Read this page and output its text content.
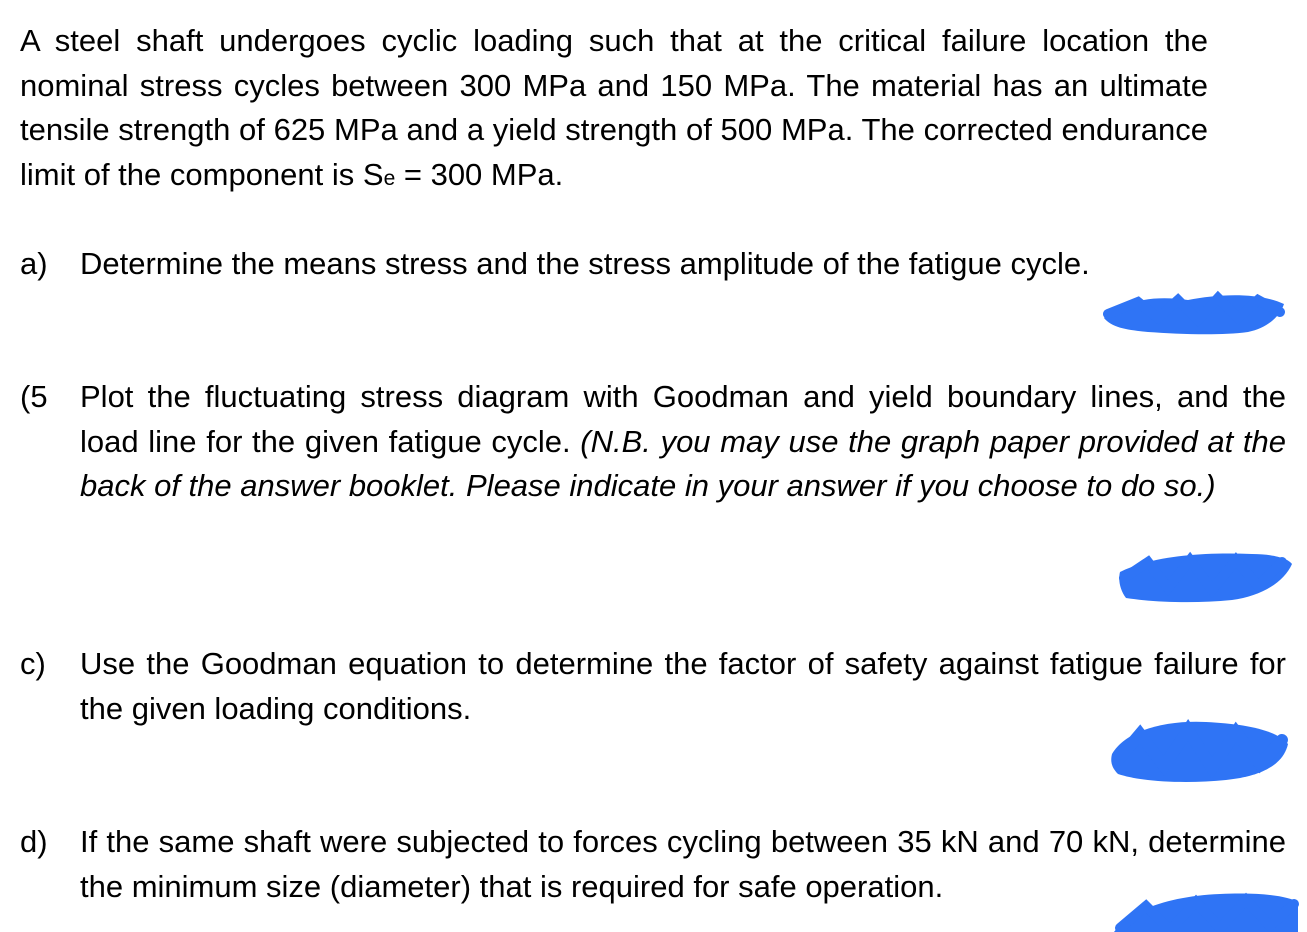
A steel shaft undergoes cyclic loading such that at the critical failure location the nominal stress cycles between 300 MPa and 150 MPa. The material has an ultimate tensile strength of 625 MPa and a yield strength of 500 MPa. The corrected endurance limit of the component is Se = 300 MPa.
a) Determine the means stress and the stress amplitude of the fatigue cycle.
(5 Plot the fluctuating stress diagram with Goodman and yield boundary lines, and the load line for the given fatigue cycle. (N.B. you may use the graph paper provided at the back of the answer booklet. Please indicate in your answer if you choose to do so.)
c) Use the Goodman equation to determine the factor of safety against fatigue failure for the given loading conditions.
d) If the same shaft were subjected to forces cycling between 35 kN and 70 kN, determine the minimum size (diameter) that is required for safe operation.
